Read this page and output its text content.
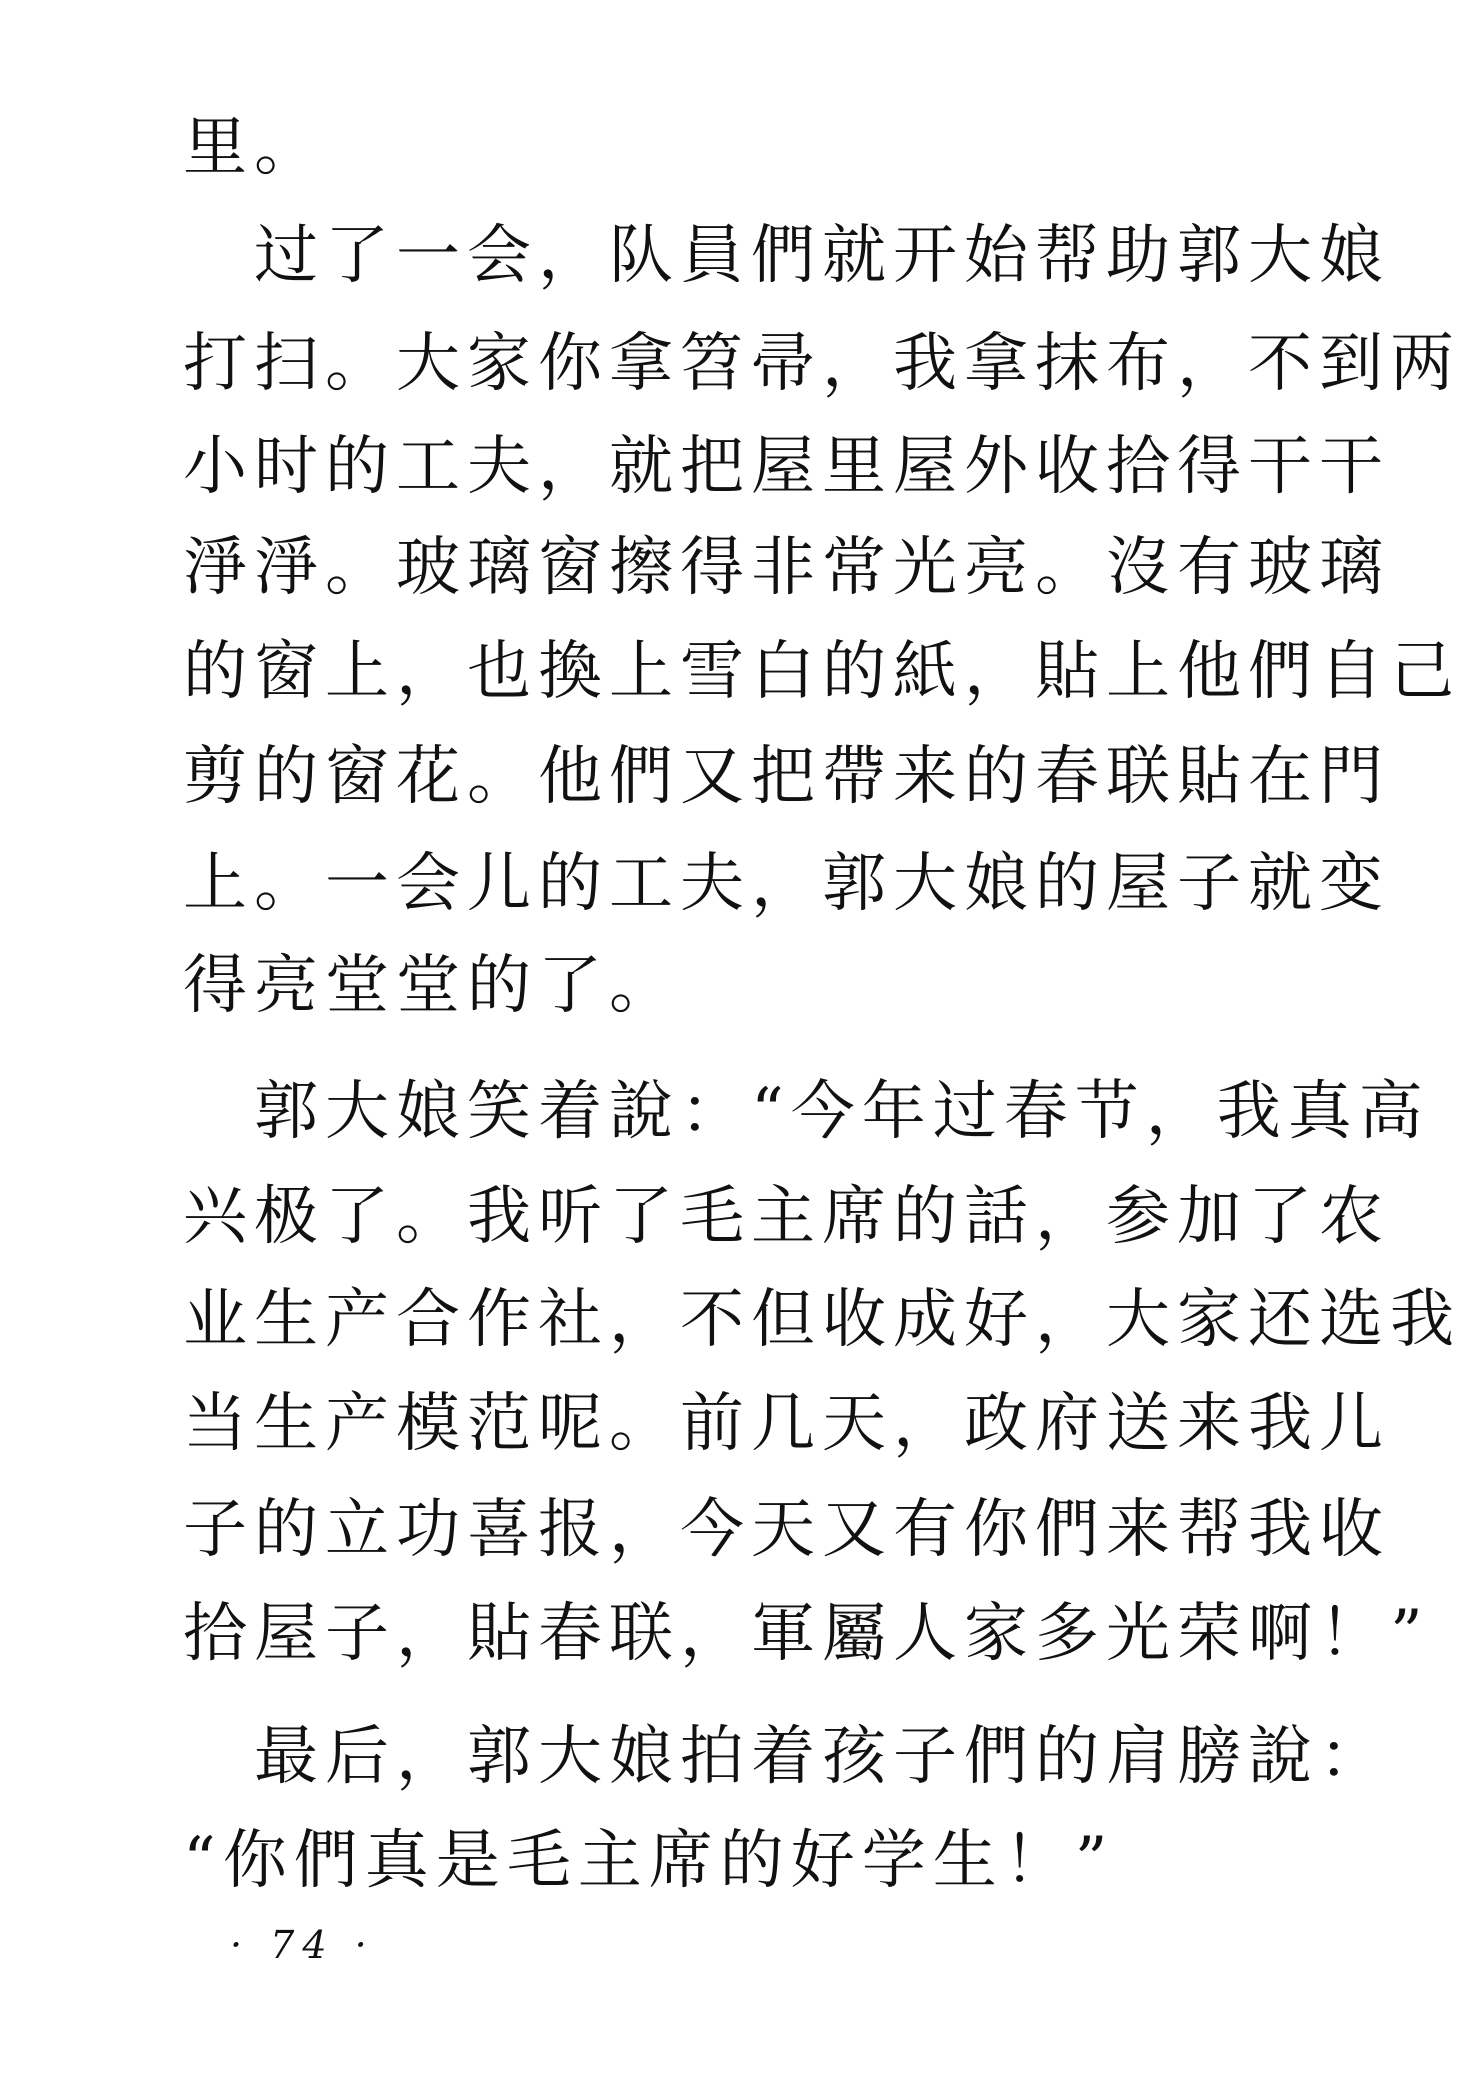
里。
　过了一会，队員們就开始帮助郭大娘
打扫。大家你拿笤帚，我拿抹布，不到两
小时的工夫，就把屋里屋外收拾得干干
淨淨。玻璃窗擦得非常光亮。沒有玻璃
的窗上，也換上雪白的紙，貼上他們自己
剪的窗花。他們又把帶来的春联貼在門
上。一会儿的工夫，郭大娘的屋子就变
得亮堂堂的了。
　郭大娘笑着說：“今年过春节，我真高
兴极了。我听了毛主席的話，参加了农
业生产合作社，不但收成好，大家还选我
当生产模范呢。前几天，政府送来我儿
子的立功喜报，今天又有你們来帮我收
拾屋子，貼春联，軍屬人家多光荣啊！”
　最后，郭大娘拍着孩子們的肩膀說：
“你們真是毛主席的好学生！”
· 74 ·
